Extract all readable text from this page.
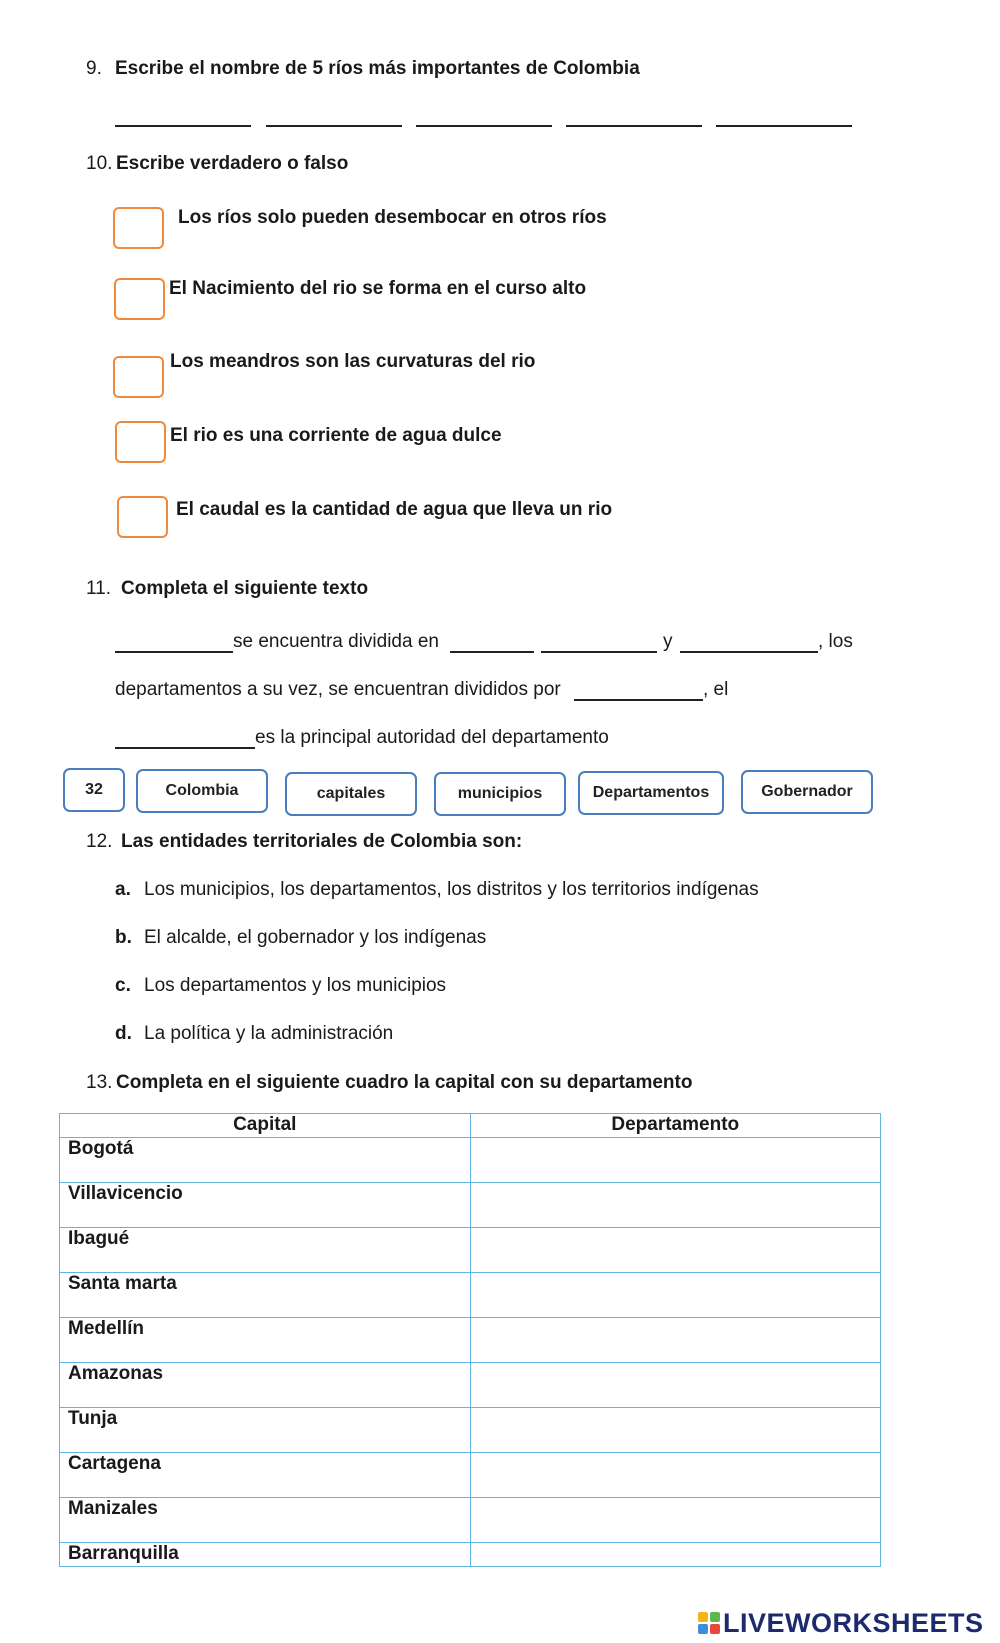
9. Escribe el nombre de 5 ríos más importantes de Colombia
10. Escribe verdadero o falso
Los ríos solo pueden desembocar en otros ríos
El Nacimiento del rio se forma en el curso alto
Los meandros son las curvaturas del rio
El rio es una corriente de agua dulce
El caudal es la cantidad de agua que lleva un rio
11. Completa el siguiente texto
se encuentra dividida en	y	, los
departamentos a su vez, se encuentran divididos por	, el
es la principal autoridad del departamento
32	Colombia	capitales	municipios	Departamentos	Gobernador
12. Las entidades territoriales de Colombia son:
a. Los municipios, los departamentos, los distritos y los territorios indígenas
b. El alcalde, el gobernador y los indígenas
c. Los departamentos y los municipios
d. La política y la administración
13. Completa en el siguiente cuadro la capital con su departamento
Capital	Departamento
Bogotá	
Villavicencio	
Ibagué	
Santa marta	
Medellín	
Amazonas	
Tunja	
Cartagena	
Manizales	
Barranquilla	
LIVEWORKSHEETS
